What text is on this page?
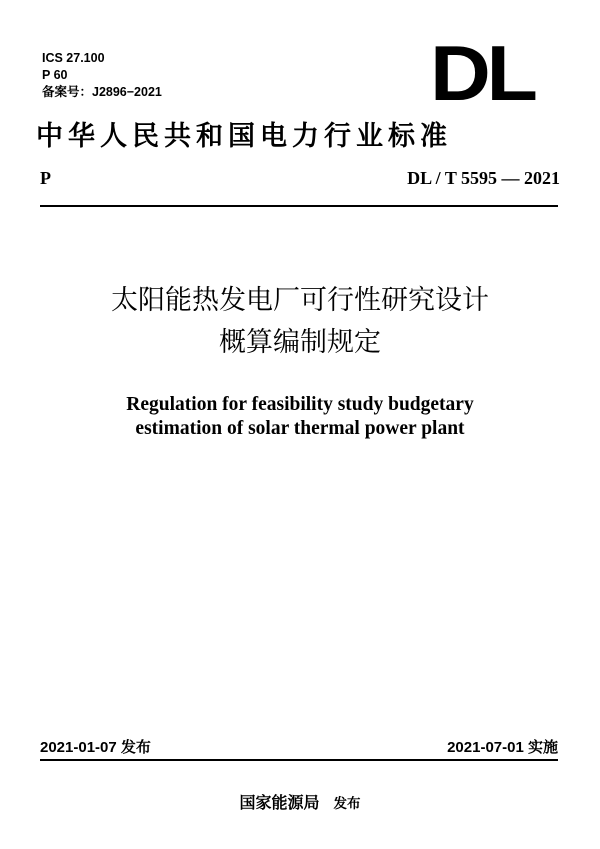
ICS 27.100
P 60
备案号：J2896−2021	DL
中华人民共和国电力行业标准
P	DL / T 5595 — 2021
太阳能热发电厂可行性研究设计
概算编制规定
Regulation for feasibility study budgetary
estimation of solar thermal power plant
2021-01-07 发布	2021-07-01 实施
国家能源局 发布
